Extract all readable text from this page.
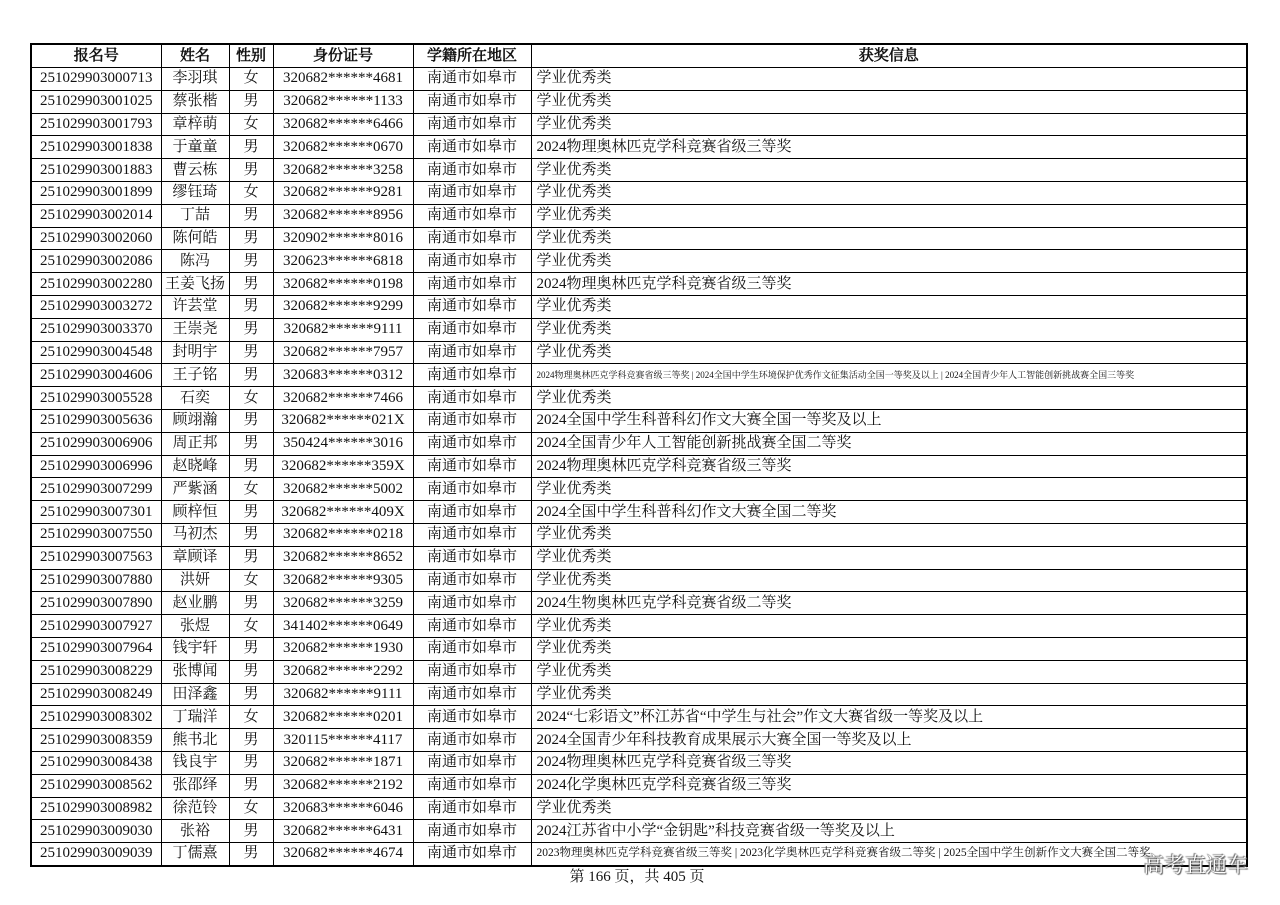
报名号	姓名	性别	身份证号	学籍所在地区	获奖信息
251029903000713	李羽琪	女	320682******4681	南通市如皋市	学业优秀类
251029903001025	蔡张楷	男	320682******1133	南通市如皋市	学业优秀类
251029903001793	章梓萌	女	320682******6466	南通市如皋市	学业优秀类
251029903001838	于童童	男	320682******0670	南通市如皋市	2024物理奥林匹克学科竞赛省级三等奖
251029903001883	曹云栋	男	320682******3258	南通市如皋市	学业优秀类
251029903001899	缪钰琦	女	320682******9281	南通市如皋市	学业优秀类
251029903002014	丁喆	男	320682******8956	南通市如皋市	学业优秀类
251029903002060	陈何皓	男	320902******8016	南通市如皋市	学业优秀类
251029903002086	陈冯	男	320623******6818	南通市如皋市	学业优秀类
251029903002280	王姜飞扬	男	320682******0198	南通市如皋市	2024物理奥林匹克学科竞赛省级三等奖
251029903003272	许芸堂	男	320682******9299	南通市如皋市	学业优秀类
251029903003370	王崇尧	男	320682******9111	南通市如皋市	学业优秀类
251029903004548	封明宇	男	320682******7957	南通市如皋市	学业优秀类
251029903004606	王子铭	男	320683******0312	南通市如皋市	2024物理奥林匹克学科竞赛省级三等奖 | 2024全国中学生环境保护优秀作文征集活动全国一等奖及以上 | 2024全国青少年人工智能创新挑战赛全国三等奖
251029903005528	石奕	女	320682******7466	南通市如皋市	学业优秀类
251029903005636	顾翊瀚	男	320682******021X	南通市如皋市	2024全国中学生科普科幻作文大赛全国一等奖及以上
251029903006906	周正邦	男	350424******3016	南通市如皋市	2024全国青少年人工智能创新挑战赛全国二等奖
251029903006996	赵晓峰	男	320682******359X	南通市如皋市	2024物理奥林匹克学科竞赛省级三等奖
251029903007299	严紫涵	女	320682******5002	南通市如皋市	学业优秀类
251029903007301	顾梓恒	男	320682******409X	南通市如皋市	2024全国中学生科普科幻作文大赛全国二等奖
251029903007550	马初杰	男	320682******0218	南通市如皋市	学业优秀类
251029903007563	章顾译	男	320682******8652	南通市如皋市	学业优秀类
251029903007880	洪妍	女	320682******9305	南通市如皋市	学业优秀类
251029903007890	赵业鹏	男	320682******3259	南通市如皋市	2024生物奥林匹克学科竞赛省级二等奖
251029903007927	张煜	女	341402******0649	南通市如皋市	学业优秀类
251029903007964	钱宇轩	男	320682******1930	南通市如皋市	学业优秀类
251029903008229	张博闻	男	320682******2292	南通市如皋市	学业优秀类
251029903008249	田泽鑫	男	320682******9111	南通市如皋市	学业优秀类
251029903008302	丁瑞洋	女	320682******0201	南通市如皋市	2024“七彩语文”杯江苏省“中学生与社会”作文大赛省级一等奖及以上
251029903008359	熊书北	男	320115******4117	南通市如皋市	2024全国青少年科技教育成果展示大赛全国一等奖及以上
251029903008438	钱良宇	男	320682******1871	南通市如皋市	2024物理奥林匹克学科竞赛省级三等奖
251029903008562	张邵绎	男	320682******2192	南通市如皋市	2024化学奥林匹克学科竞赛省级三等奖
251029903008982	徐范铃	女	320683******6046	南通市如皋市	学业优秀类
251029903009030	张裕	男	320682******6431	南通市如皋市	2024江苏省中小学“金钥匙”科技竞赛省级一等奖及以上
251029903009039	丁儒熹	男	320682******4674	南通市如皋市	2023物理奥林匹克学科竞赛省级三等奖 | 2023化学奥林匹克学科竞赛省级二等奖 | 2025全国中学生创新作文大赛全国二等奖
第 166 页，共 405 页	高考直通车
